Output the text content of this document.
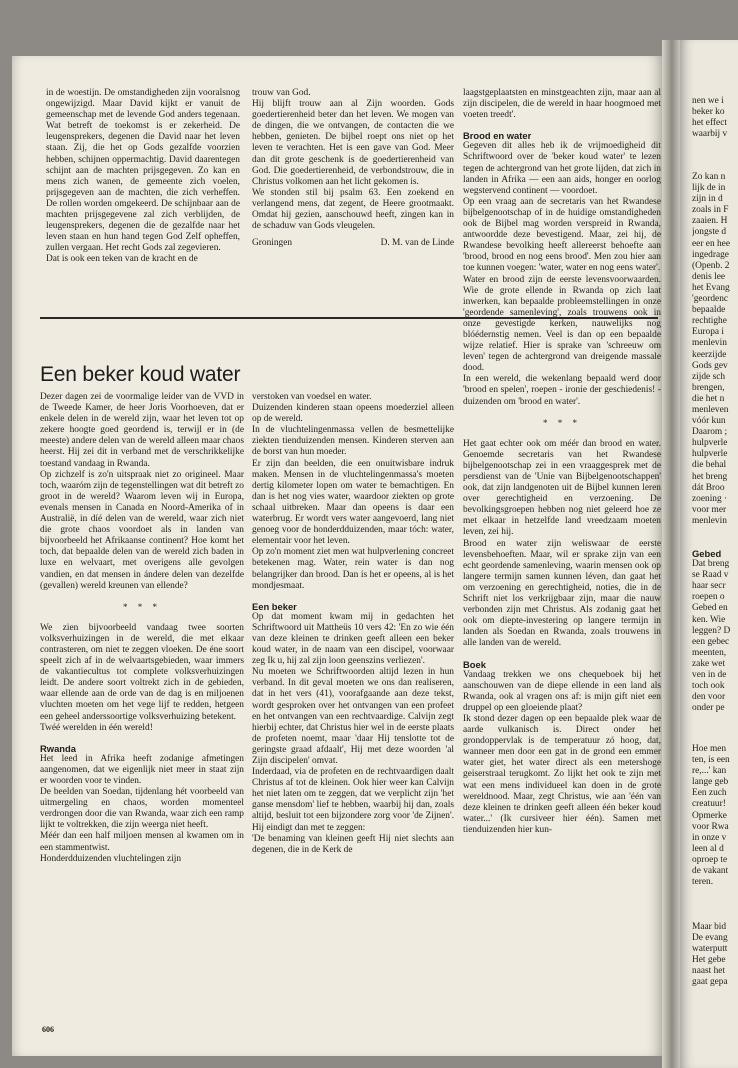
in de woestijn. De omstandigheden zijn vooralsnog ongewijzigd. Maar David kijkt er vanuit de gemeenschap met de levende God anders tegenaan. Wat betreft de toekomst is er zekerheid. De leugensprekers, degenen die David naar het leven staan. Zij, die het op Gods gezalfde voorzien hebben, schijnen oppermachtig. David daarentegen schijnt aan de machten prijsgegeven. Zo kan en mens zich wanen, de gemeente zich voelen, prijsgegeven aan de machten, die zich verheffen. De rollen worden omgekeerd. De schijnbaar aan de machten prijsgegevene zal zich verblijden, de leugensprekers, degenen die de gezalfde naar het leven staan en hun hand tegen God Zelf opheffen, zullen vergaan. Het recht Gods zal zegevieren.

Dat is ook een teken van de kracht en de

trouw van God.

Hij blijft trouw aan al Zijn woorden. Gods goedertierenheid beter dan het leven. We mogen van de dingen, die we ontvangen, de contacten die we hebben, genieten. De bijbel roept ons niet op het leven te verachten. Het is een gave van God. Meer dan dit grote geschenk is de goedertierenheid van God. Die goedertierenheid, de verbondstrouw, die in Christus volkomen aan het licht gekomen is.

We stonden stil bij psalm 63. Een zoekend en verlangend mens, dat zegent, de Heere grootmaakt. Omdat hij gezien, aanschouwd heeft, zingen kan in de schaduw van Gods vleugelen.

Groningen	D. M. van de Linde
Een beker koud water

Dezer dagen zei de voormalige leider van de VVD in de Tweede Kamer, de heer Joris Voorhoeven, dat er enkele delen in de wereld zijn, waar het leven tot op zekere hoogte goed geordend is, terwijl er in (de meeste) andere delen van de wereld alleen maar chaos heerst. Hij zei dit in verband met de verschrikkelijke toestand vandaag in Rwanda.

Op zichzelf is zo'n uitspraak niet zo origineel. Maar toch, waaróm zijn de tegenstellingen wat dit betreft zo groot in de wereld? Waarom leven wij in Europa, evenals mensen in Canada en Noord-Amerika of in Australië, in díé delen van de wereld, waar zich niet die grote chaos voordoet als in landen van bijvoorbeeld het Afrikaanse continent? Hoe komt het toch, dat bepaalde delen van de wereld zich baden in luxe en welvaart, met overigens alle gevolgen vandien, en dat mensen in ándere delen van dezelfde (gevallen) wereld kreunen van ellende?

* * *

We zien bijvoorbeeld vandaag twee soorten volksverhuizingen in de wereld, die met elkaar contrasteren, om niet te zeggen vloeken. De éne soort speelt zich af in de welvaartsgebieden, waar immers de vakantiecultus tot complete volksverhuizingen leidt. De andere soort voltrekt zich in de gebieden, waar ellende aan de orde van de dag is en miljoenen vluchten moeten om het vege lijf te redden, hetgeen een geheel anderssoortige volksverhuizing betekent.

Twéé werelden in één wereld!

Rwanda

Het leed in Afrika heeft zodanige afmetingen aangenomen, dat we eigenlijk niet meer in staat zijn er woorden voor te vinden.

De beelden van Soedan, tijdenlang hét voorbeeld van uitmergeling en chaos, worden momenteel verdrongen door die van Rwanda, waar zich een ramp lijkt te voltrekken, die zijn weerga niet heeft.

Méér dan een half miljoen mensen al kwamen om in een stammentwist.

Honderdduizenden vluchtelingen zijn

verstoken van voedsel en water.

Duizenden kinderen staan opeens moederziel alleen op de wereld.

In de vluchtelingenmassa vellen de besmettelijke ziekten tienduizenden mensen. Kinderen sterven aan de borst van hun moeder.

Er zijn dan beelden, die een onuitwisbare indruk maken. Mensen in de vluchtelingenmassa's moeten dertig kilometer lopen om water te bemachtigen. En dan is het nog vies water, waardoor ziekten op grote schaal uitbreken. Maar dan opeens is daar een waterbrug. Er wordt vers water aangevoerd, lang niet genoeg voor de honderdduizenden, maar tóch: water, elementair voor het leven.

Op zo'n moment ziet men wat hulpverlening concreet betekenen mag. Water, rein water is dan nog belangrijker dan brood. Dan ís het er opeens, al is het mondjesmaat.

Een beker

Op dat moment kwam mij in gedachten het Schriftwoord uit Mattheüs 10 vers 42: 'En zo wie één van deze kleinen te drinken geeft alleen een beker koud water, in de naam van een discipel, voorwaar zeg Ik u, hij zal zijn loon geenszins verliezen'.

Nu moeten we Schriftwoorden altijd lezen in hun verband. In dit geval moeten we ons dan realiseren, dat in het vers (41), voorafgaande aan deze tekst, wordt gesproken over het ontvangen van een profeet en het ontvangen van een rechtvaardige. Calvijn zegt hierbij echter, dat Christus hier wel in de eerste plaats de profeten noemt, maar 'daar Hij tenslotte tot de geringste graad afdaalt', Hij met deze woorden 'al Zijn discipelen' omvat.

Inderdaad, via de profeten en de rechtvaardigen daalt Christus af tot de kleinen. Ook hier weer kan Calvijn het niet laten om te zeggen, dat we verplicht zijn 'het ganse mensdom' lief te hebben, waarbij hij dan, zoals altijd, besluit tot een bijzondere zorg voor 'de Zijnen'. Hij eindigt dan met te zeggen:

'De benaming van kleinen geeft Hij niet slechts aan degenen, die in de Kerk de

laagstgeplaatsten en minstgeachten zijn, maar aan al zijn discipelen, die de wereld in haar hoogmoed met voeten treedt'.

Brood en water

Gegeven dit alles heb ik de vrijmoedigheid dit Schriftwoord over de 'beker koud water' te lezen tegen de achtergrond van het grote lijden, dat zich in landen in Afrika — een aan aids, honger en oorlog wegstervend continent — voordoet.

Op een vraag aan de secretaris van het Rwandese bijbelgenootschap of in de huidige omstandigheden ook de Bijbel mag worden verspreid in Rwanda, antwoordde deze bevestigend. Maar, zei hij, de Rwandese bevolking heeft allereerst behoefte aan 'brood, brood en nog eens brood'. Men zou hier aan toe kunnen voegen: 'water, water en nog eens water'.

Water en brood zijn de eerste levensvoorwaarden. Wie de grote ellende in Rwanda op zich laat inwerken, kan bepaalde probleemstellingen in onze 'geordende samenleving', zoals trouwens ook in onze gevestigde kerken, nauwelijks nog blóédernstig nemen. Veel is dan op een bepaalde wijze relatief. Hier is sprake van 'schreeuw om leven' tegen de achtergrond van dreigende massale dood.

In een wereld, die wekenlang bepaald werd door 'brood en spelen', roepen - ironie der geschiedenis! - duizenden om 'brood en water'.

* * *

Het gaat echter ook om méér dan brood en water. Genoemde secretaris van het Rwandese bijbelgenootschap zei in een vraaggesprek met de persdienst van de 'Unie van Bijbelgenootschappen' ook, dat zijn landgenoten uit de Bijbel kunnen leren over gerechtigheid en verzoening. De bevolkingsgroepen hebben nog niet geleerd hoe ze met elkaar in hetzelfde land vreedzaam moeten leven, zei hij.

Brood en water zijn weliswaar de eerste levensbehoeften. Maar, wil er sprake zijn van een echt geordende samenleving, waarin mensen ook op langere termijn samen kunnen léven, dan gaat het om verzoening en gerechtigheid, noties, die in de Schrift niet los verkrijgbaar zijn, maar die nauw verbonden zijn met Christus. Als zodanig gaat het ook om diepte-investering op langere termijn in landen als Soedan en Rwanda, zoals trouwens in alle landen van de wereld.

Boek

Vandaag trekken we ons chequeboek bij het aanschouwen van de diepe ellende in een land als Rwanda, ook al vragen ons af: is mijn gift niet een druppel op een gloeiende plaat?

Ik stond dezer dagen op een bepaalde plek waar de aarde vulkanisch is. Direct onder het grondoppervlak is de temperatuur zó hoog, dat, wanneer men door een gat in de grond een emmer water giet, het water direct als een metershoge geiserstraal terugkomt. Zo lijkt het ook te zijn met wat een mens individueel kan doen in de grote wereldnood. Maar, zegt Christus, wie aan 'één van deze kleinen te drinken geeft alleen één beker koud water...' (Ik cursiveer hier één). Samen met tienduizenden hier kun-

606

nen we i

beker ko

het effect

waarbij v

Zo kan n

lijk de in

zijn in d

zoals in F

zaaien. H

jongste d

eer en hee

ingedrage

(Openb. 2

denis lee

het Evang

'geordenc

bepaalde

rechtighe

Europa i

menlevin

keerzijde

Gods gev

zijde sch

brengen,

die het n

menleven

vóór kun

Daarom ;

hulpverle

hulpverle

die behal

het breng

dát Broo

zoening ·

voor mer

menlevin

Gebed

Dat breng

se Raad v

haar secr

roepen o

Gebed en

ken. Wie

leggen? D

een gebec

meenten,

zake wet

ven in de

toch ook

den voor

onder pe

Hoe men

ten, is een

re,...' kan

lange geb

Een zuch

creatuur!

Opmerke

voor Rwa

in onze v

leen al d

oproep te

de vakant

teren.

Maar bid

De evang

waterputt

Het gebe

naast het

gaat gepa
